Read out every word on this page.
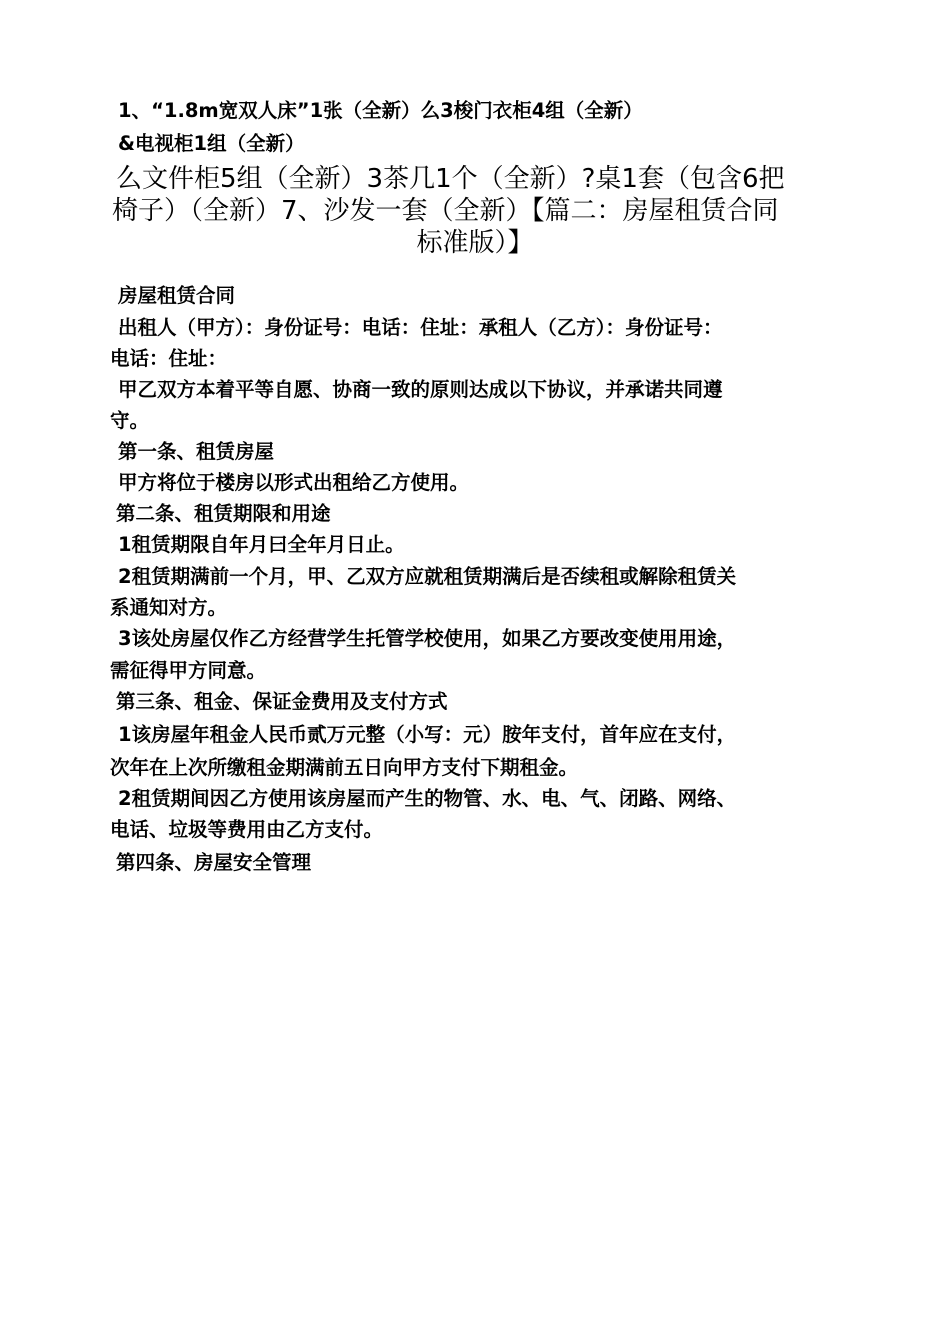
1、“1.8m宽双人床”1张（全新）么3梭门衣柜4组（全新）
&电视柜1组（全新）
么文件柜5组（全新）3茶几1个（全新）?桌1套（包含6把
椅子）（全新）7、沙发一套（全新）【篇二：房屋租赁合同
标准版）】
房屋租赁合同
出租人（甲方）：身份证号：电话：住址：承租人（乙方）：身份证号：
电话：住址：
甲乙双方本着平等自愿、协商一致的原则达成以下协议，并承诺共同遵
守。
第一条、租赁房屋
甲方将位于楼房以形式出租给乙方使用。
第二条、租赁期限和用途
1租赁期限自年月曰全年月日止。
2租赁期满前一个月，甲、乙双方应就租赁期满后是否续租或解除租赁关
系通知对方。
3该处房屋仅作乙方经营学生托管学校使用，如果乙方要改变使用用途，
需征得甲方同意。
第三条、租金、保证金费用及支付方式
1该房屋年租金人民币贰万元整（小写：元）胺年支付，首年应在支付，
次年在上次所缴租金期满前五日向甲方支付下期租金。
2租赁期间因乙方使用该房屋而产生的物管、水、电、气、闭路、网络、
电话、垃圾等费用由乙方支付。
第四条、房屋安全管理
